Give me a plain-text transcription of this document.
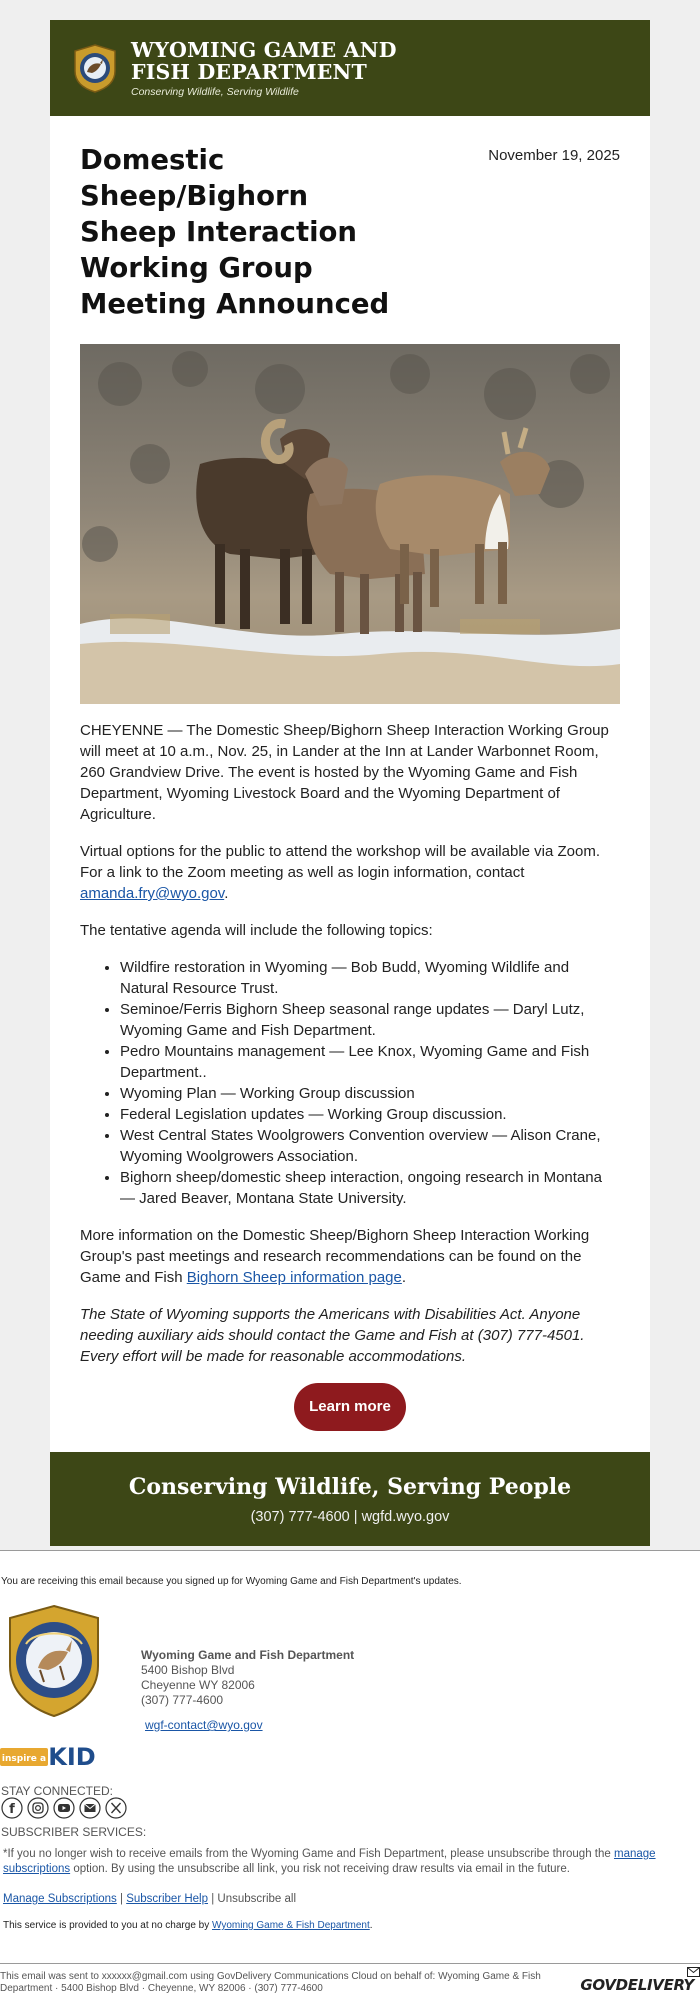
WYOMING GAME AND
FISH DEPARTMENT
Conserving Wildlife, Serving Wildlife
November 19, 2025
Domestic Sheep/Bighorn Sheep Interaction Working Group Meeting Announced

CHEYENNE — The Domestic Sheep/Bighorn Sheep Interaction Working Group will meet at 10 a.m., Nov. 25, in Lander at the Inn at Lander Warbonnet Room, 260 Grandview Drive. The event is hosted by the Wyoming Game and Fish Department, Wyoming Livestock Board and the Wyoming Department of Agriculture.

Virtual options for the public to attend the workshop will be available via Zoom. For a link to the Zoom meeting as well as login information, contact amanda.fry@wyo.gov.

The tentative agenda will include the following topics:

• Wildfire restoration in Wyoming — Bob Budd, Wyoming Wildlife and Natural Resource Trust.
• Seminoe/Ferris Bighorn Sheep seasonal range updates — Daryl Lutz, Wyoming Game and Fish Department.
• Pedro Mountains management — Lee Knox, Wyoming Game and Fish Department..
• Wyoming Plan — Working Group discussion
• Federal Legislation updates — Working Group discussion.
• West Central States Woolgrowers Convention overview — Alison Crane, Wyoming Woolgrowers Association.
• Bighorn sheep/domestic sheep interaction, ongoing research in Montana — Jared Beaver, Montana State University.

More information on the Domestic Sheep/Bighorn Sheep Interaction Working Group's past meetings and research recommendations can be found on the Game and Fish Bighorn Sheep information page.

The State of Wyoming supports the Americans with Disabilities Act. Anyone needing auxiliary aids should contact the Game and Fish at (307) 777-4501. Every effort will be made for reasonable accommodations.

Learn more
Conserving Wildlife, Serving People
(307) 777-4600 | wgfd.wyo.gov
You are receiving this email because you signed up for Wyoming Game and Fish Department's updates.
Wyoming Game and Fish Department
5400 Bishop Blvd
Cheyenne WY 82006
(307) 777-4600
wgf-contact@wyo.gov
inspire a KID
STAY CONNECTED:
f
SUBSCRIBER SERVICES:
*If you no longer wish to receive emails from the Wyoming Game and Fish Department, please unsubscribe through the manage subscriptions option. By using the unsubscribe all link, you risk not receiving draw results via email in the future.
Manage Subscriptions | Subscriber Help | Unsubscribe all
This service is provided to you at no charge by Wyoming Game & Fish Department.
This email was sent to xxxxxx@gmail.com using GovDelivery Communications Cloud on behalf of: Wyoming Game & Fish Department · 5400 Bishop Blvd · Cheyenne, WY 82006 · (307) 777-4600	GOVDELIVERY
